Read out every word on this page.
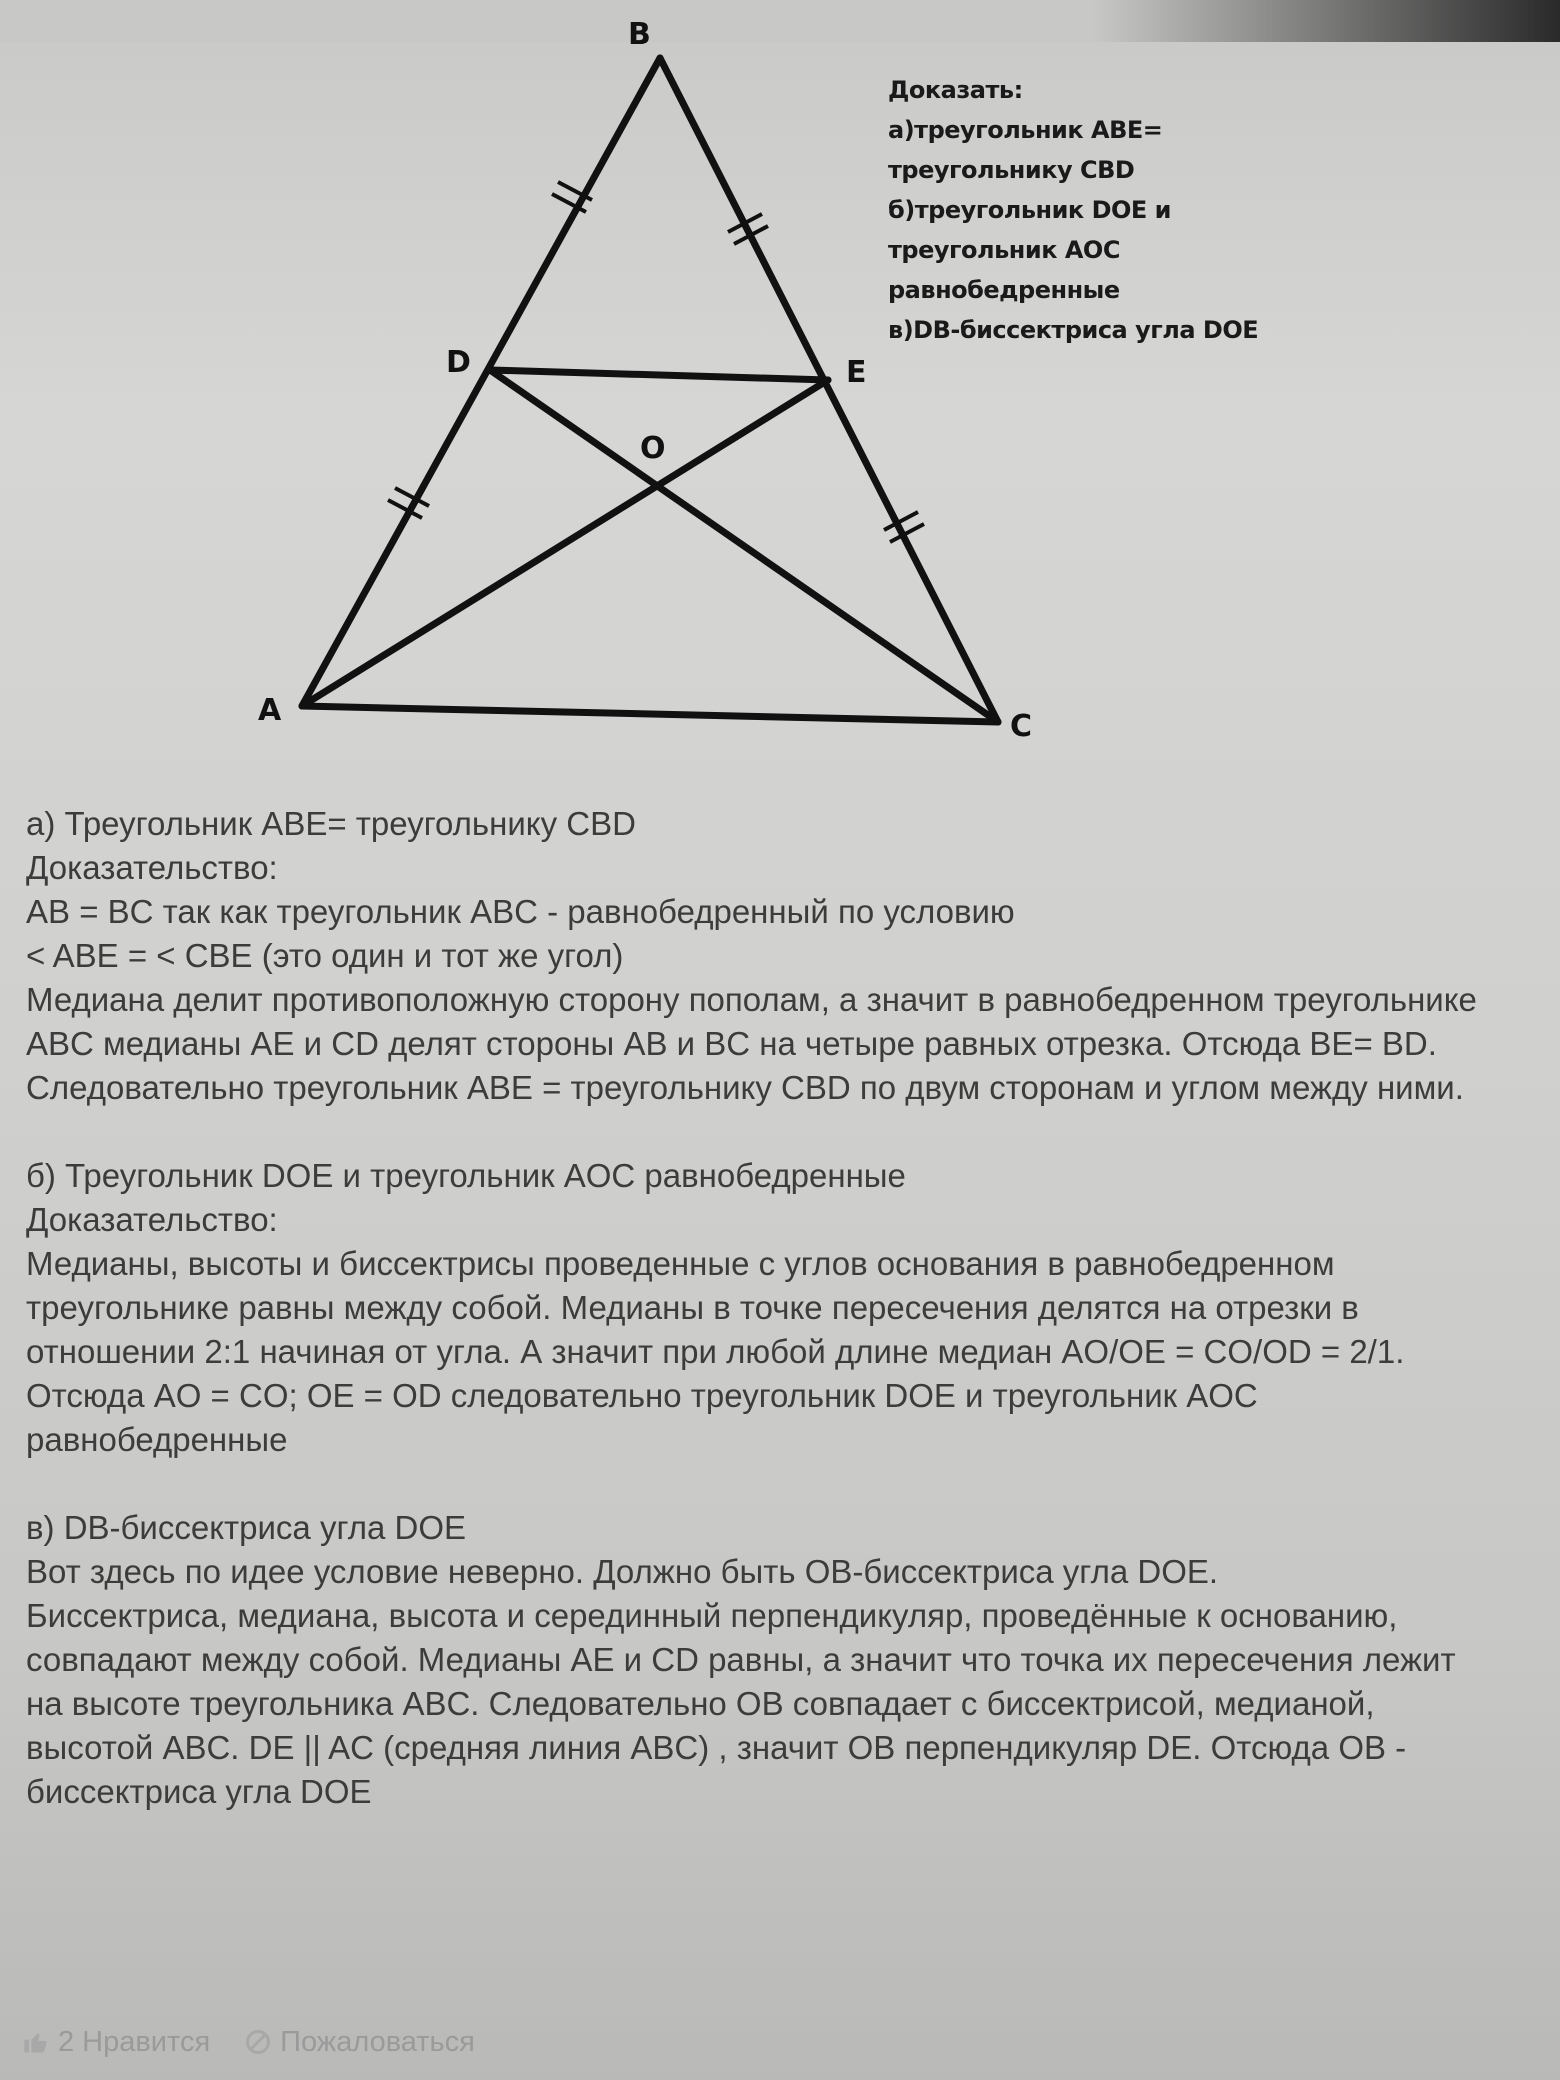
B
D	E
O
A	C
Доказать:
а)треугольник ABE=
треугольнику CBD
б)треугольник DOE и
треугольник AOC
равнобедренные
в)DB-биссектриса угла DOE
а) Треугольник ABE= треугольнику CBD
Доказательство:
AB = BC так как треугольник ABC - равнобедренный по условию
< ABE = < CBE (это один и тот же угол)
Медиана делит противоположную сторону пополам, а значит в равнобедренном треугольнике
ABC медианы AE и CD делят стороны AB и BC на четыре равных отрезка. Отсюда BE= BD.
Следовательно треугольник ABE = треугольнику CBD по двум сторонам и углом между ними.
б) Треугольник DOE и треугольник AOC равнобедренные
Доказательство:
Медианы, высоты и биссектрисы проведенные с углов основания в равнобедренном
треугольнике равны между собой. Медианы в точке пересечения делятся на отрезки в
отношении 2:1 начиная от угла. А значит при любой длине медиан AO/OE = CO/OD = 2/1.
Отсюда AO = CO; OE = OD следовательно треугольник DOE и треугольник AOC
равнобедренные
в) DB-биссектриса угла DOE
Вот здесь по идее условие неверно. Должно быть OB-биссектриса угла DOE.
Биссектриса, медиана, высота и серединный перпендикуляр, проведённые к основанию,
совпадают между собой. Медианы AE и CD равны, а значит что точка их пересечения лежит
на высоте треугольника ABC. Следовательно OB совпадает с биссектрисой, медианой,
высотой ABC. DE || AC (средняя линия ABC) , значит OB перпендикуляр DE. Отсюда OB -
биссектриса угла DOE
2 Нравится Пожаловаться
